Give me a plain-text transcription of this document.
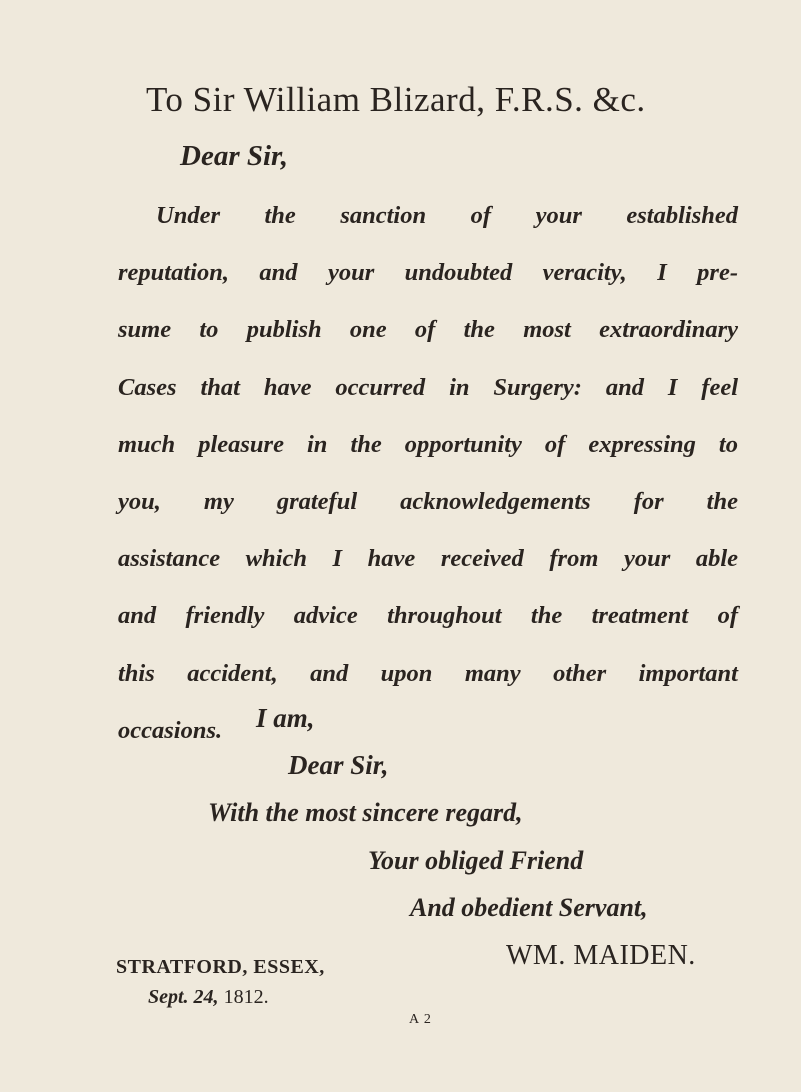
To Sir William Blizard, F.R.S. &c.
Dear Sir,
Under the sanction of your established
reputation, and your undoubted veracity, I pre-
sume to publish one of the most extraordinary
Cases that have occurred in Surgery: and I feel
much pleasure in the opportunity of expressing to
you, my grateful acknowledgements for the
assistance which I have received from your able
and friendly advice throughout the treatment of
this accident, and upon many other important
occasions.	I am,
Dear Sir,
With the most sincere regard,
Your obliged Friend
And obedient Servant,
WM. MAIDEN.
STRATFORD, ESSEX,
Sept. 24, 1812.
A 2
